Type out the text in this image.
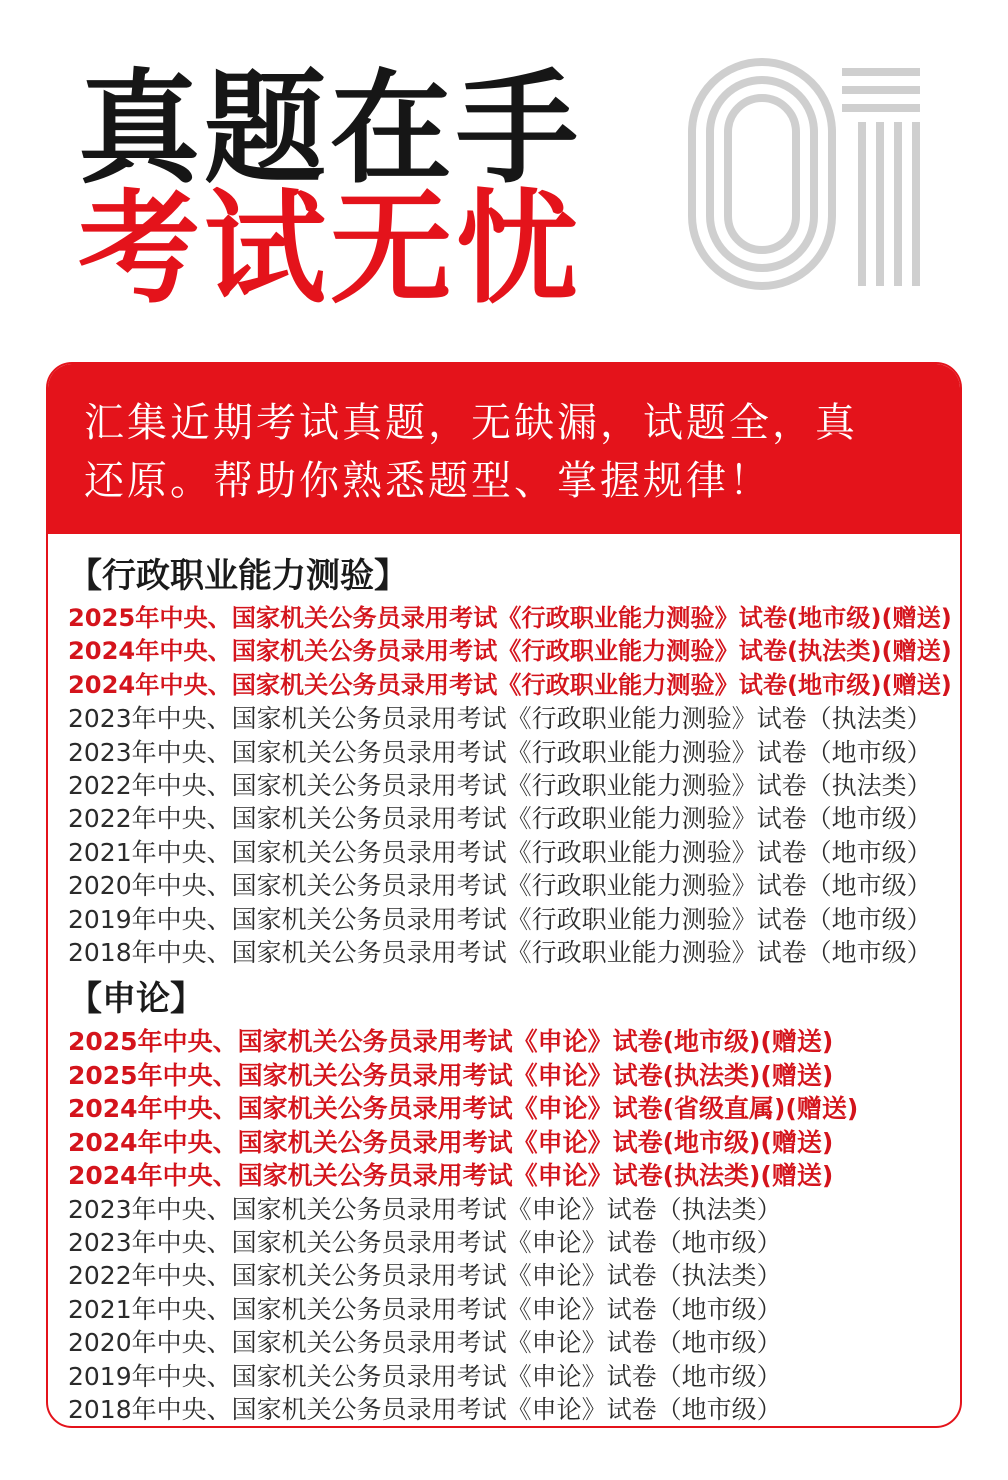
真题在手
考试无忧

汇集近期考试真题，无缺漏，试题全，真
还原。帮助你熟悉题型、掌握规律！

【行政职业能力测验】
2025年中央、国家机关公务员录用考试《行政职业能力测验》试卷(地市级)(赠送)
2024年中央、国家机关公务员录用考试《行政职业能力测验》试卷(执法类)(赠送)
2024年中央、国家机关公务员录用考试《行政职业能力测验》试卷(地市级)(赠送)
2023年中央、国家机关公务员录用考试《行政职业能力测验》试卷（执法类）
2023年中央、国家机关公务员录用考试《行政职业能力测验》试卷（地市级）
2022年中央、国家机关公务员录用考试《行政职业能力测验》试卷（执法类）
2022年中央、国家机关公务员录用考试《行政职业能力测验》试卷（地市级）
2021年中央、国家机关公务员录用考试《行政职业能力测验》试卷（地市级）
2020年中央、国家机关公务员录用考试《行政职业能力测验》试卷（地市级）
2019年中央、国家机关公务员录用考试《行政职业能力测验》试卷（地市级）
2018年中央、国家机关公务员录用考试《行政职业能力测验》试卷（地市级）
【申论】
2025年中央、国家机关公务员录用考试《申论》试卷(地市级)(赠送)
2025年中央、国家机关公务员录用考试《申论》试卷(执法类)(赠送)
2024年中央、国家机关公务员录用考试《申论》试卷(省级直属)(赠送)
2024年中央、国家机关公务员录用考试《申论》试卷(地市级)(赠送)
2024年中央、国家机关公务员录用考试《申论》试卷(执法类)(赠送)
2023年中央、国家机关公务员录用考试《申论》试卷（执法类）
2023年中央、国家机关公务员录用考试《申论》试卷（地市级）
2022年中央、国家机关公务员录用考试《申论》试卷（执法类）
2021年中央、国家机关公务员录用考试《申论》试卷（地市级）
2020年中央、国家机关公务员录用考试《申论》试卷（地市级）
2019年中央、国家机关公务员录用考试《申论》试卷（地市级）
2018年中央、国家机关公务员录用考试《申论》试卷（地市级）
